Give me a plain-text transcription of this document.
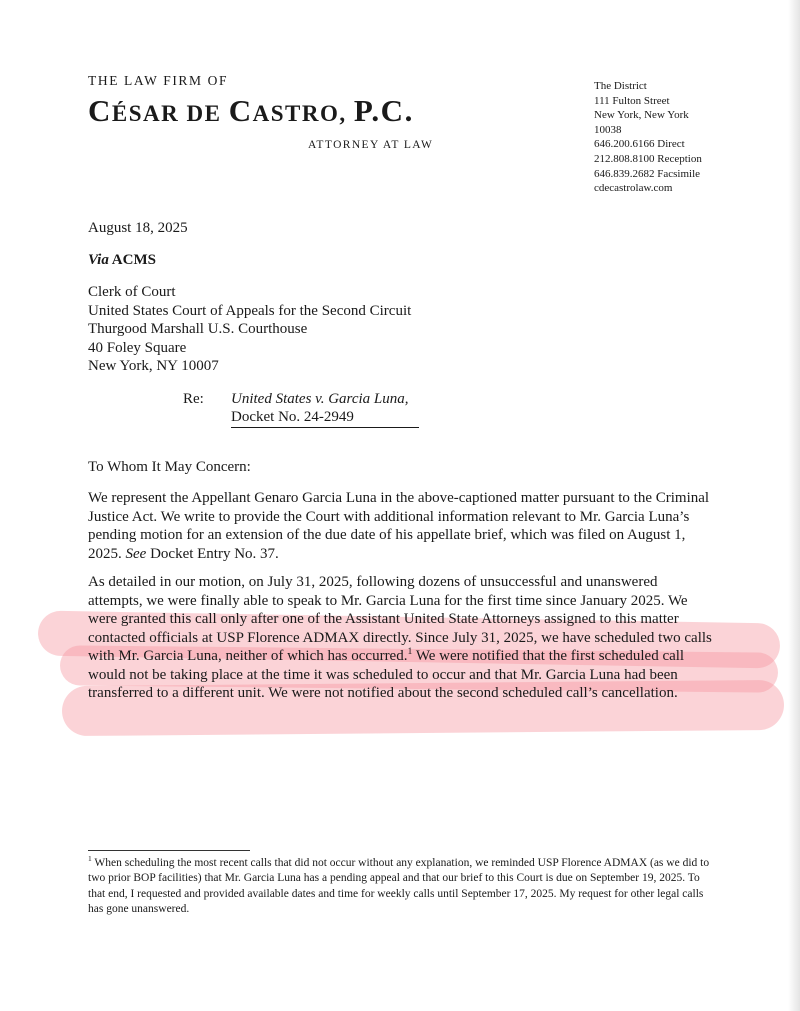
THE LAW FIRM OF
CÉSAR DE CASTRO, P.C.
ATTORNEY AT LAW
The District
111 Fulton Street
New York, New York
10038
646.200.6166 Direct
212.808.8100 Reception
646.839.2682 Facsimile
cdecastrolaw.com
August 18, 2025
Via ACMS
Clerk of Court
United States Court of Appeals for the Second Circuit
Thurgood Marshall U.S. Courthouse
40 Foley Square
New York, NY 10007
Re: United States v. Garcia Luna,
Docket No. 24-2949
To Whom It May Concern:
We represent the Appellant Genaro Garcia Luna in the above-captioned matter pursuant to the Criminal Justice Act. We write to provide the Court with additional information relevant to Mr. Garcia Luna’s pending motion for an extension of the due date of his appellate brief, which was filed on August 1, 2025. See Docket Entry No. 37.
As detailed in our motion, on July 31, 2025, following dozens of unsuccessful and unanswered attempts, we were finally able to speak to Mr. Garcia Luna for the first time since January 2025. We were granted this call only after one of the Assistant United State Attorneys assigned to this matter contacted officials at USP Florence ADMAX directly. Since July 31, 2025, we have scheduled two calls with Mr. Garcia Luna, neither of which has occurred.$^1$ We were notified that the first scheduled call would not be taking place at the time it was scheduled to occur and that Mr. Garcia Luna had been transferred to a different unit. We were not notified about the second scheduled call’s cancellation.
$^1$ When scheduling the most recent calls that did not occur without any explanation, we reminded USP Florence ADMAX (as we did to two prior BOP facilities) that Mr. Garcia Luna has a pending appeal and that our brief to this Court is due on September 19, 2025. To that end, I requested and provided available dates and time for weekly calls until September 17, 2025. My request for other legal calls has gone unanswered.
